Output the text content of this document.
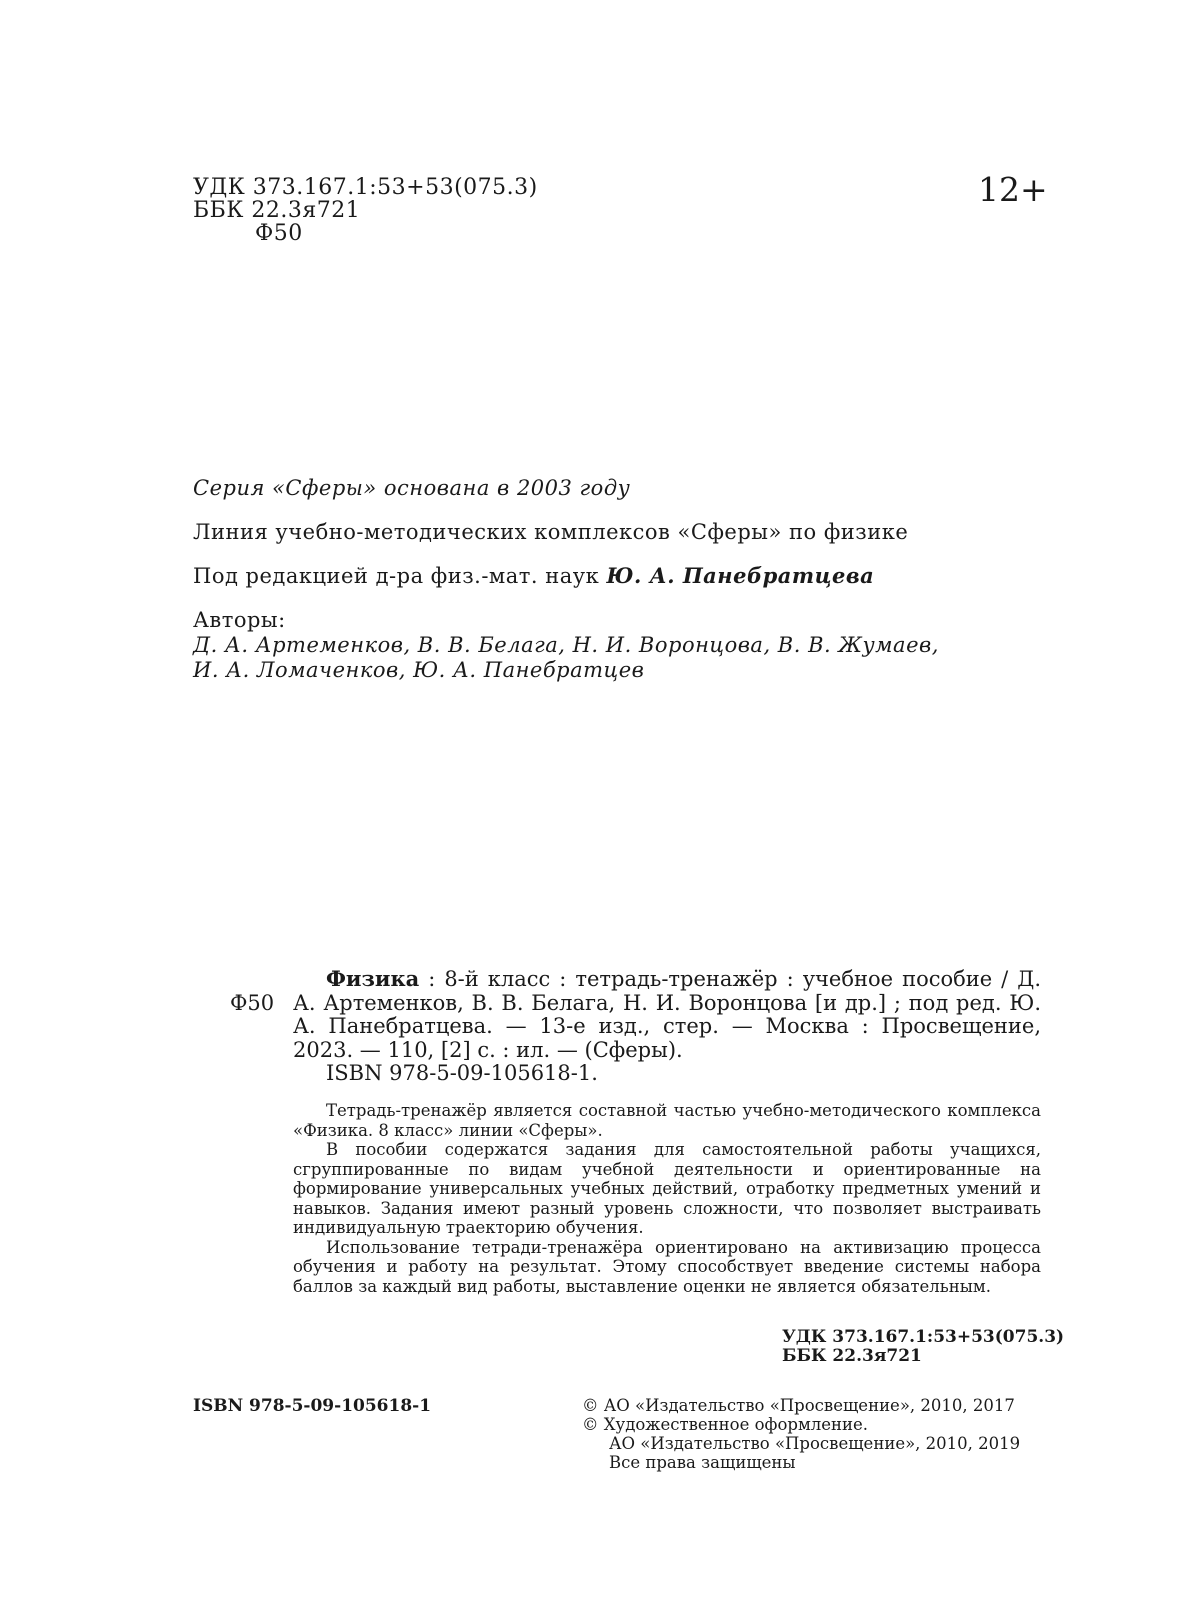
УДК 373.167.1:53+53(075.3)
ББК 22.3я721
Ф50
12+
Серия «Сферы» основана в 2003 году
Линия учебно-методических комплексов «Сферы» по физике
Под редакцией д-ра физ.-мат. наук Ю. А. Панебратцева
Авторы:
Д. А. Артеменков, В. В. Белага, Н. И. Воронцова, В. В. Жумаев,
И. А. Ломаченков, Ю. А. Панебратцев
Ф50
Физика : 8-й класс : тетрадь-тренажёр : учебное пособие / Д. А. Артеменков, В. В. Белага, Н. И. Воронцова [и др.] ; под ред. Ю. А. Панебратцева. — 13-е изд., стер. — Москва : Просвещение, 2023. — 110, [2] с. : ил. — (Сферы).
ISBN 978-5-09-105618-1.

Тетрадь-тренажёр является составной частью учебно-методического комплекса «Физика. 8 класс» линии «Сферы».

В пособии содержатся задания для самостоятельной работы учащихся, сгруппированные по видам учебной деятельности и ориентированные на формирование универсальных учебных действий, отработку предметных умений и навыков. Задания имеют разный уровень сложности, что позволяет выстраивать индивидуальную траекторию обучения.

Использование тетради-тренажёра ориентировано на активизацию процесса обучения и работу на результат. Этому способствует введение системы набора баллов за каждый вид работы, выставление оценки не является обязательным.

УДК 373.167.1:53+53(075.3)
ББК 22.3я721
ISBN 978-5-09-105618-1	© АО «Издательство «Просвещение», 2010, 2017
© Художественное оформление.
АО «Издательство «Просвещение», 2010, 2019
Все права защищены
